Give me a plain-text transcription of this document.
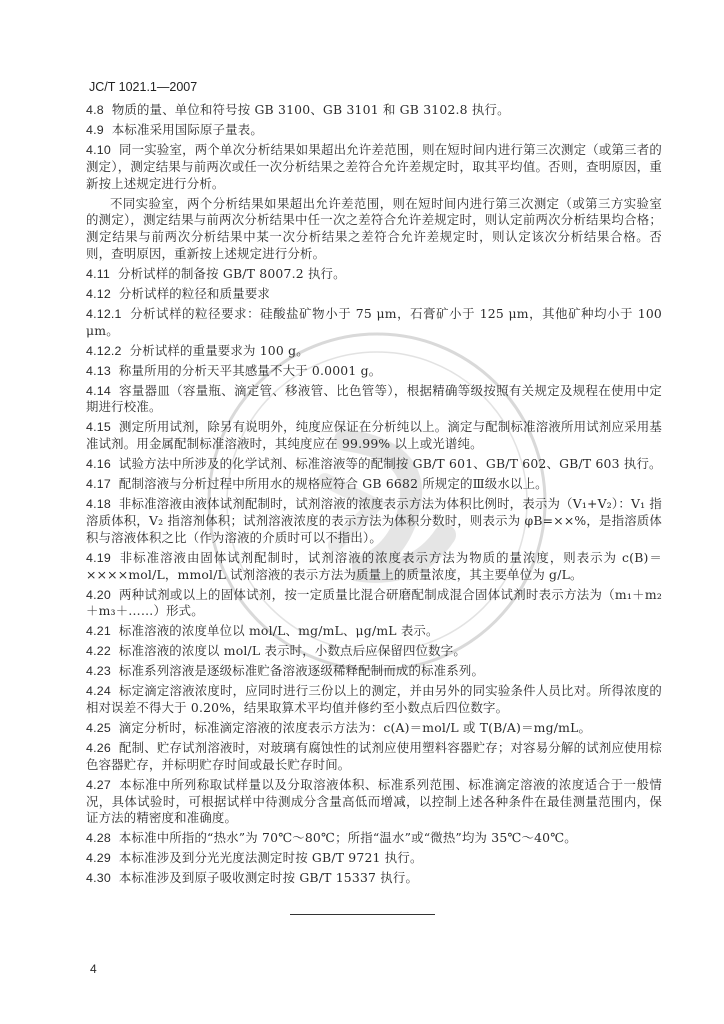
JC/T 1021.1—2007

4.8 物质的量、单位和符号按 GB 3100、GB 3101 和 GB 3102.8 执行。

4.9 本标准采用国际原子量表。

4.10 同一实验室，两个单次分析结果如果超出允许差范围，则在短时间内进行第三次测定（或第三者的测定），测定结果与前两次或任一次分析结果之差符合允许差规定时，取其平均值。否则，查明原因，重新按上述规定进行分析。

不同实验室，两个分析结果如果超出允许差范围，则在短时间内进行第三次测定（或第三方实验室的测定），测定结果与前两次分析结果中任一次之差符合允许差规定时，则认定前两次分析结果均合格；测定结果与前两次分析结果中某一次分析结果之差符合允许差规定时，则认定该次分析结果合格。否则，查明原因，重新按上述规定进行分析。

4.11 分析试样的制备按 GB/T 8007.2 执行。

4.12 分析试样的粒径和质量要求

4.12.1 分析试样的粒径要求：硅酸盐矿物小于 75 μm，石膏矿小于 125 μm，其他矿种均小于 100 μm。

4.12.2 分析试样的重量要求为 100 g。

4.13 称量所用的分析天平其感量不大于 0.0001 g。

4.14 容量器皿（容量瓶、滴定管、移液管、比色管等），根据精确等级按照有关规定及规程在使用中定期进行校准。

4.15 测定所用试剂，除另有说明外，纯度应保证在分析纯以上。滴定与配制标准溶液所用试剂应采用基准试剂。用金属配制标准溶液时，其纯度应在 99.99% 以上或光谱纯。

4.16 试验方法中所涉及的化学试剂、标准溶液等的配制按 GB/T 601、GB/T 602、GB/T 603 执行。

4.17 配制溶液与分析过程中所用水的规格应符合 GB 6682 所规定的Ⅲ级水以上。

4.18 非标准溶液由液体试剂配制时，试剂溶液的浓度表示方法为体积比例时，表示为（V₁+V₂）：V₁ 指溶质体积，V₂ 指溶剂体积；试剂溶液浓度的表示方法为体积分数时，则表示为 φB=××%，是指溶质体积与溶液体积之比（作为溶液的介质时可以不指出）。

4.19 非标准溶液由固体试剂配制时，试剂溶液的浓度表示方法为物质的量浓度，则表示为 c(B)＝××××mol/L，mmol/L 试剂溶液的表示方法为质量上的质量浓度，其主要单位为 g/L。

4.20 两种试剂或以上的固体试剂，按一定质量比混合研磨配制成混合固体试剂时表示方法为（m₁＋m₂＋m₃＋……）形式。

4.21 标准溶液的浓度单位以 mol/L、mg/mL、μg/mL 表示。

4.22 标准溶液的浓度以 mol/L 表示时，小数点后应保留四位数字。

4.23 标准系列溶液是逐级标准贮备溶液逐级稀释配制而成的标准系列。

4.24 标定滴定溶液浓度时，应同时进行三份以上的测定，并由另外的同实验条件人员比对。所得浓度的相对误差不得大于 0.20%，结果取算术平均值并修约至小数点后四位数字。

4.25 滴定分析时，标准滴定溶液的浓度表示方法为：c(A)＝mol/L 或 T(B/A)＝mg/mL。

4.26 配制、贮存试剂溶液时，对玻璃有腐蚀性的试剂应使用塑料容器贮存；对容易分解的试剂应使用棕色容器贮存，并标明贮存时间或最长贮存时间。

4.27 本标准中所列称取试样量以及分取溶液体积、标准系列范围、标准滴定溶液的浓度适合于一般情况，具体试验时，可根据试样中待测成分含量高低而增减，以控制上述各种条件在最佳测量范围内，保证方法的精密度和准确度。

4.28 本标准中所指的“热水”为 70℃～80℃；所指“温水”或“微热”均为 35℃～40℃。

4.29 本标准涉及到分光光度法测定时按 GB/T 9721 执行。

4.30 本标准涉及到原子吸收测定时按 GB/T 15337 执行。

4
